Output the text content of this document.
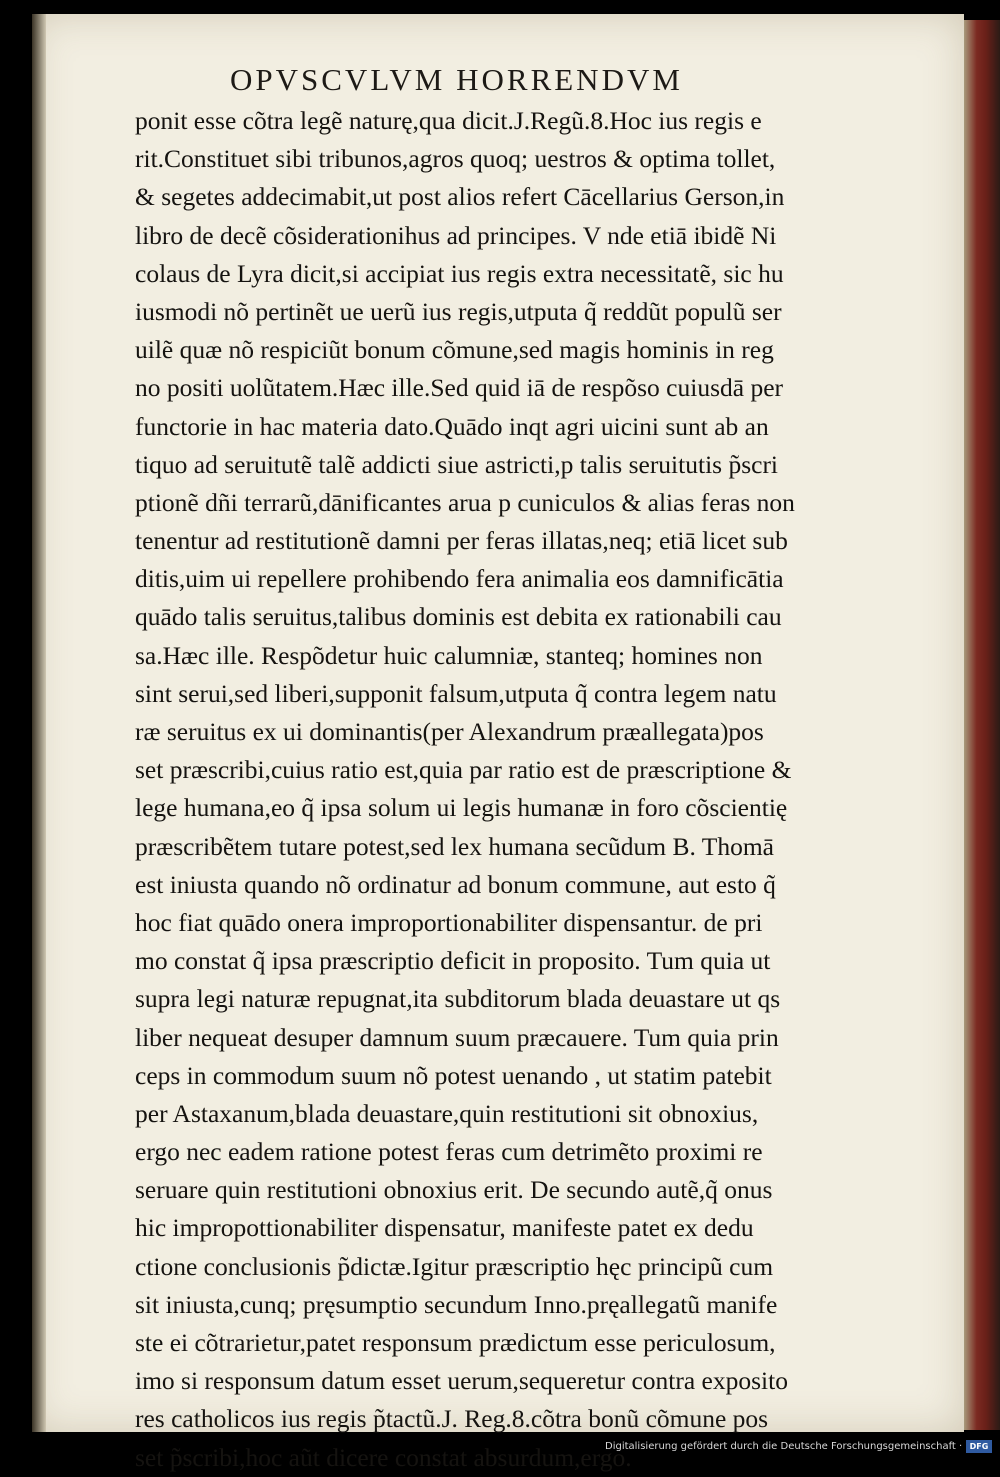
OPVSCVLVM HORRENDVM
ponit esse cõtra legẽ naturę,qua dicit.J.Regũ.8.Hoc ius regis e
rit.Constituet sibi tribunos,agros quoq; uestros & optima tollet,
& segetes addecimabit,ut post alios refert Cācellarius Gerson,in
libro de decẽ cõsiderationihus ad principes. V nde etiā ibidẽ Ni
colaus de Lyra dicit,si accipiat ius regis extra necessitatẽ, sic hu
iusmodi nõ pertinẽt ue uerũ ius regis,utputa q̃ reddũt populũ ser
uilẽ quæ nõ respiciũt bonum cõmune,sed magis hominis in reg
no positi uolũtatem.Hæc ille.Sed quid iā de respõso cuiusdā per
functorie in hac materia dato.Quādo inqt agri uicini sunt ab an
tiquo ad seruitutẽ talẽ addicti siue astricti,p talis seruitutis p̃scri
ptionẽ dñi terrarũ,dānificantes arua p cuniculos & alias feras non
tenentur ad restitutionẽ damni per feras illatas,neq; etiā licet sub
ditis,uim ui repellere prohibendo fera animalia eos damnificātia
quādo talis seruitus,talibus dominis est debita ex rationabili cau
sa.Hæc ille. Respõdetur huic calumniæ, stanteq; homines non
sint serui,sed liberi,supponit falsum,utputa q̃ contra legem natu
ræ seruitus ex ui dominantis(per Alexandrum præallegata)pos
set præscribi,cuius ratio est,quia par ratio est de præscriptione &
lege humana,eo q̃ ipsa solum ui legis humanæ in foro cõscientię
præscribẽtem tutare potest,sed lex humana secũdum B. Thomā
est iniusta quando nõ ordinatur ad bonum commune, aut esto q̃
hoc fiat quādo onera improportionabiliter dispensantur. de pri
mo constat q̃ ipsa præscriptio deficit in proposito. Tum quia ut
supra legi naturæ repugnat,ita subditorum blada deuastare ut qs
liber nequeat desuper damnum suum præcauere. Tum quia prin
ceps in commodum suum nõ potest uenando , ut statim patebit
per Astaxanum,blada deuastare,quin restitutioni sit obnoxius,
ergo nec eadem ratione potest feras cum detrimẽto proximi re
seruare quin restitutioni obnoxius erit. De secundo autẽ,q̃ onus
hic impropottionabiliter dispensatur, manifeste patet ex dedu
ctione conclusionis p̃dictæ.Igitur præscriptio hęc principũ cum
sit iniusta,cunq; pręsumptio secundum Inno.pręallegatũ manife
ste ei cõtrarietur,patet responsum prædictum esse periculosum,
imo si responsum datum esset uerum,sequeretur contra exposito
res catholicos ius regis p̃tactũ.J. Reg.8.cõtra bonũ cõmune pos
set p̃scribi,hoc aũt dicere constat absurdum,ergo.
Digitalisierung gefördert durch die Deutsche Forschungsgemeinschaft · DFG
